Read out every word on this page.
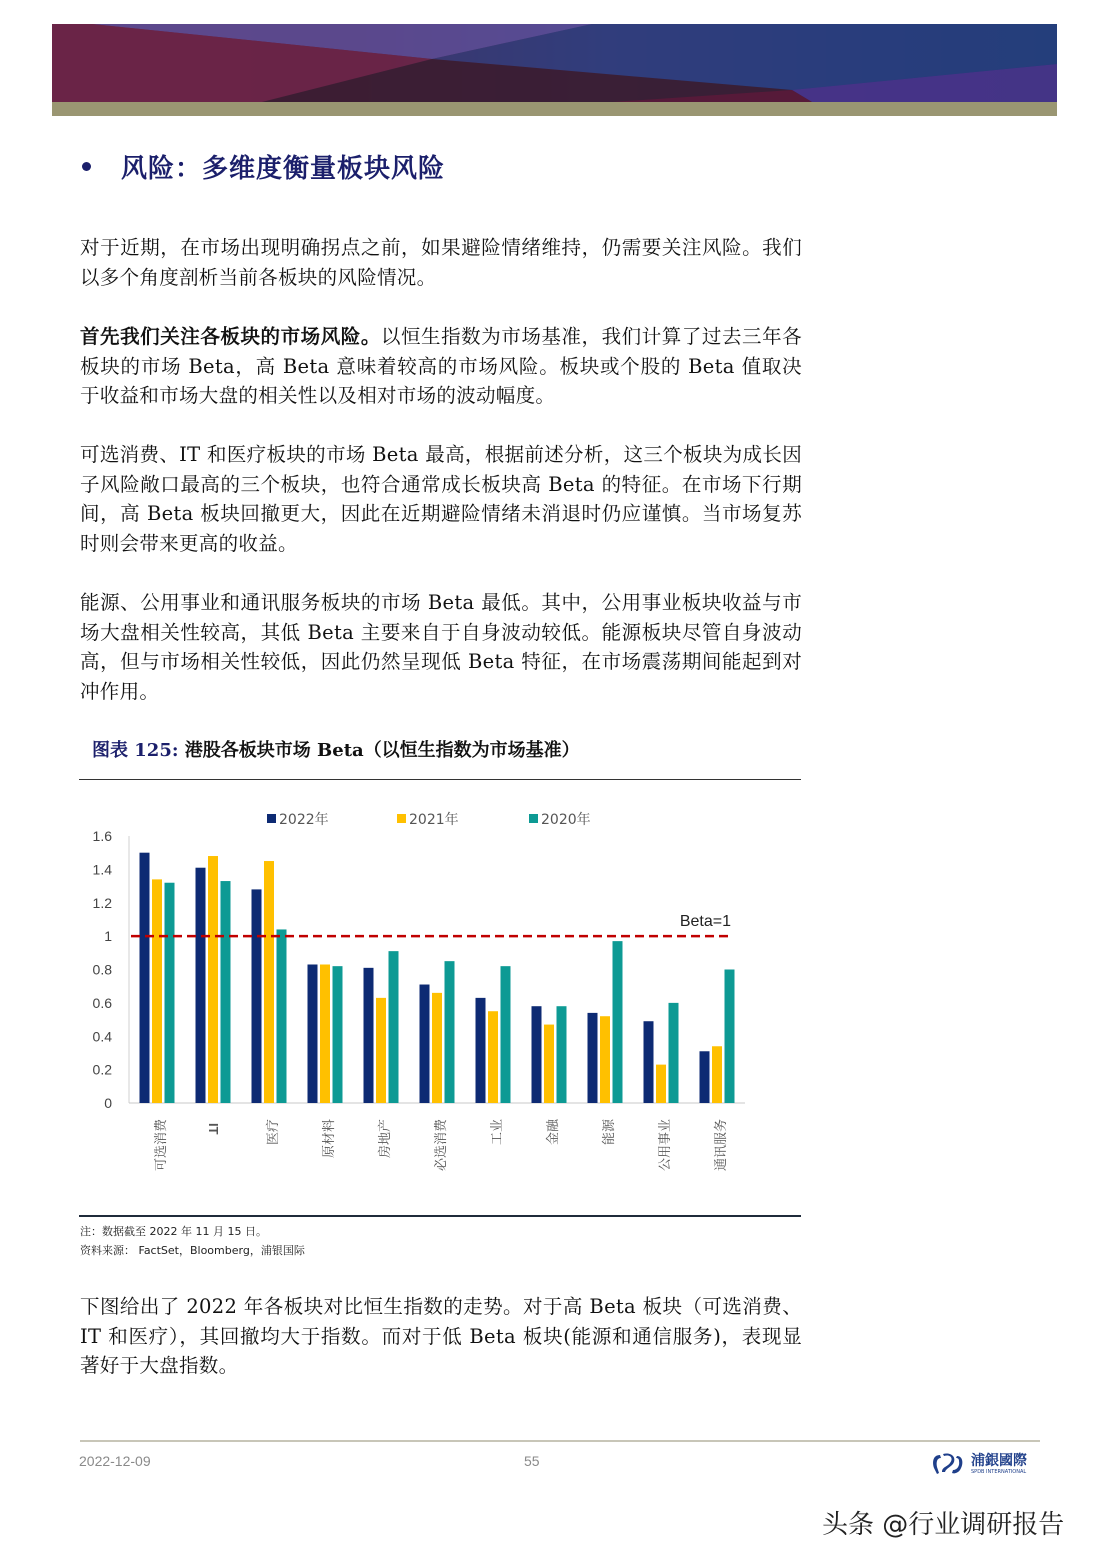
风险：多维度衡量板块风险
对于近期，在市场出现明确拐点之前，如果避险情绪维持，仍需要关注风险。我们以多个角度剖析当前各板块的风险情况。
首先我们关注各板块的市场风险。以恒生指数为市场基准，我们计算了过去三年各板块的市场 Beta，高 Beta 意味着较高的市场风险。板块或个股的 Beta 值取决于收益和市场大盘的相关性以及相对市场的波动幅度。
可选消费、IT 和医疗板块的市场 Beta 最高，根据前述分析，这三个板块为成长因子风险敞口最高的三个板块，也符合通常成长板块高 Beta 的特征。在市场下行期间，高 Beta 板块回撤更大，因此在近期避险情绪未消退时仍应谨慎。当市场复苏时则会带来更高的收益。
能源、公用事业和通讯服务板块的市场 Beta 最低。其中，公用事业板块收益与市场大盘相关性较高，其低 Beta 主要来自于自身波动较低。能源板块尽管自身波动高，但与市场相关性较低，因此仍然呈现低 Beta 特征，在市场震荡期间能起到对冲作用。
图表 125: 港股各板块市场 Beta（以恒生指数为市场基准）
0
0.2
0.4
0.6
0.8
1
1.2
1.4
1.6
可选消费	IT	医疗	原材料	房地产	必选消费	工业	金融	能源	公用事业	通讯服务
Beta=1
2022年	2021年	2020年
注：数据截至 2022 年 11 月 15 日。
资料来源： FactSet，Bloomberg，浦银国际
下图给出了 2022 年各板块对比恒生指数的走势。对于高 Beta 板块（可选消费、IT 和医疗），其回撤均大于指数。而对于低 Beta 板块(能源和通信服务)，表现显著好于大盘指数。
2022-12-09	55	浦銀國際
SPDB INTERNATIONAL
头条 @行业调研报告
